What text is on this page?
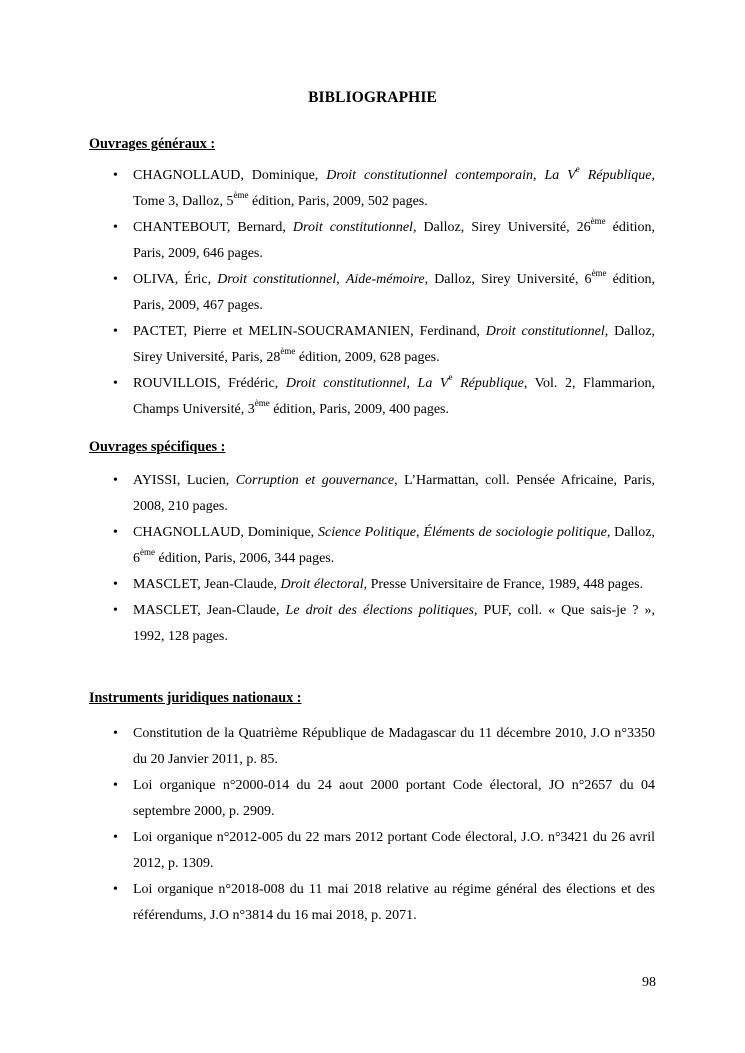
BIBLIOGRAPHIE
Ouvrages généraux :
• CHAGNOLLAUD, Dominique, Droit constitutionnel contemporain, La Ve République, Tome 3, Dalloz, 5ème édition, Paris, 2009, 502 pages.
• CHANTEBOUT, Bernard, Droit constitutionnel, Dalloz, Sirey Université, 26ème édition, Paris, 2009, 646 pages.
• OLIVA, Éric, Droit constitutionnel, Aide-mémoire, Dalloz, Sirey Université, 6ème édition, Paris, 2009, 467 pages.
• PACTET, Pierre et MELIN-SOUCRAMANIEN, Ferdinand, Droit constitutionnel, Dalloz, Sirey Université, Paris, 28ème édition, 2009, 628 pages.
• ROUVILLOIS, Frédéric, Droit constitutionnel, La Ve République, Vol. 2, Flammarion, Champs Université, 3ème édition, Paris, 2009, 400 pages.
Ouvrages spécifiques :
• AYISSI, Lucien, Corruption et gouvernance, L’Harmattan, coll. Pensée Africaine, Paris, 2008, 210 pages.
• CHAGNOLLAUD, Dominique, Science Politique, Éléments de sociologie politique, Dalloz, 6ème édition, Paris, 2006, 344 pages.
• MASCLET, Jean-Claude, Droit électoral, Presse Universitaire de France, 1989, 448 pages.
• MASCLET, Jean-Claude, Le droit des élections politiques, PUF, coll. « Que sais-je ? », 1992, 128 pages.
Instruments juridiques nationaux :
• Constitution de la Quatrième République de Madagascar du 11 décembre 2010, J.O n°3350 du 20 Janvier 2011, p. 85.
• Loi organique n°2000-014 du 24 aout 2000 portant Code électoral, JO n°2657 du 04 septembre 2000, p. 2909.
• Loi organique n°2012-005 du 22 mars 2012 portant Code électoral, J.O. n°3421 du 26 avril 2012, p. 1309.
• Loi organique n°2018-008 du 11 mai 2018 relative au régime général des élections et des référendums, J.O n°3814 du 16 mai 2018, p. 2071.
98
